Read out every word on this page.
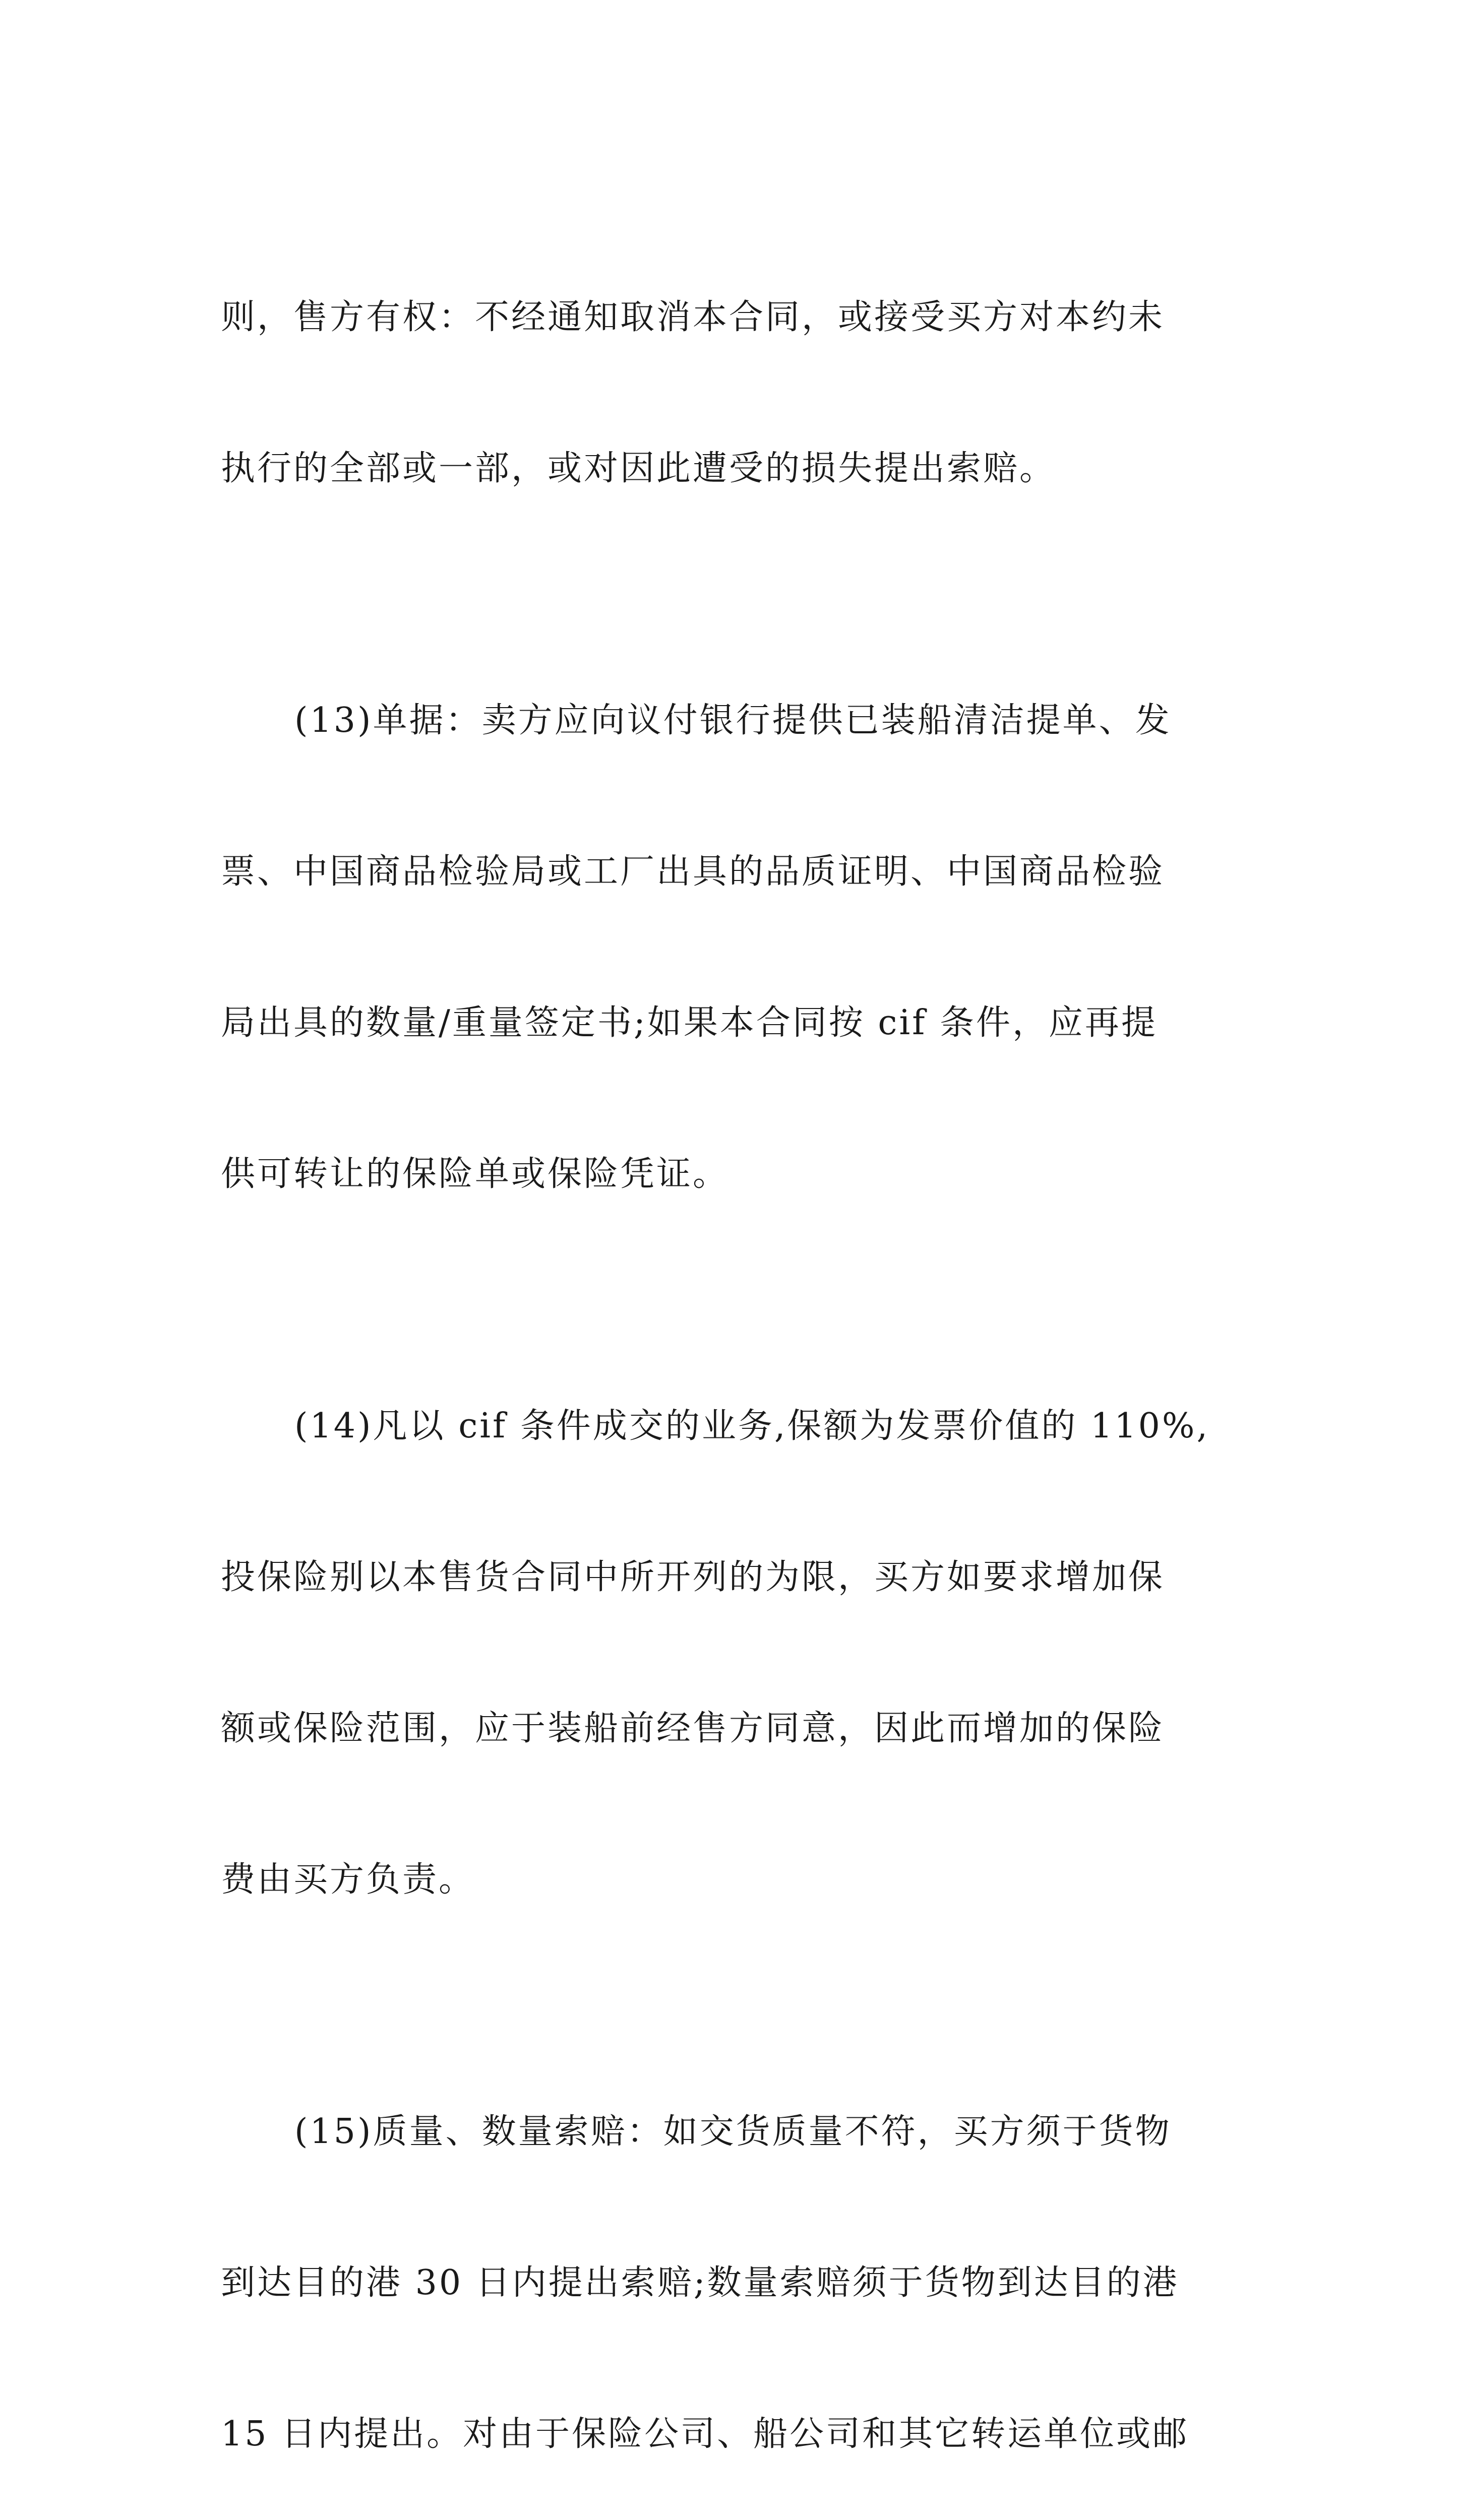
则，售方有权：不经通知取消本合同，或接受买方对本约未

执行的全部或一部，或对因此遭受的损失提出索赔。

(13)单据：卖方应向议付银行提供已装船清洁提单、发

票、中国商品检验局或工厂出具的品质证明、中国商品检验

局出具的数量/重量签定书;如果本合同按 cif 条件，应再提

供可转让的保险单或保险凭证。

(14)凡以 cif 条件成交的业务,保额为发票价值的 110%,

投保险别以本售货合同中所开列的为限，买方如要求增加保

额或保险范围，应于装船前经售方同意，因此而增加的保险

费由买方负责。

(15)质量、数量索赔：如交货质量不符，买方须于货物

到达目的港 30 日内提出索赔;数量索赔须于货物到达目的港

15 日内提出。对由于保险公司、船公司和其它转运单位或邮
